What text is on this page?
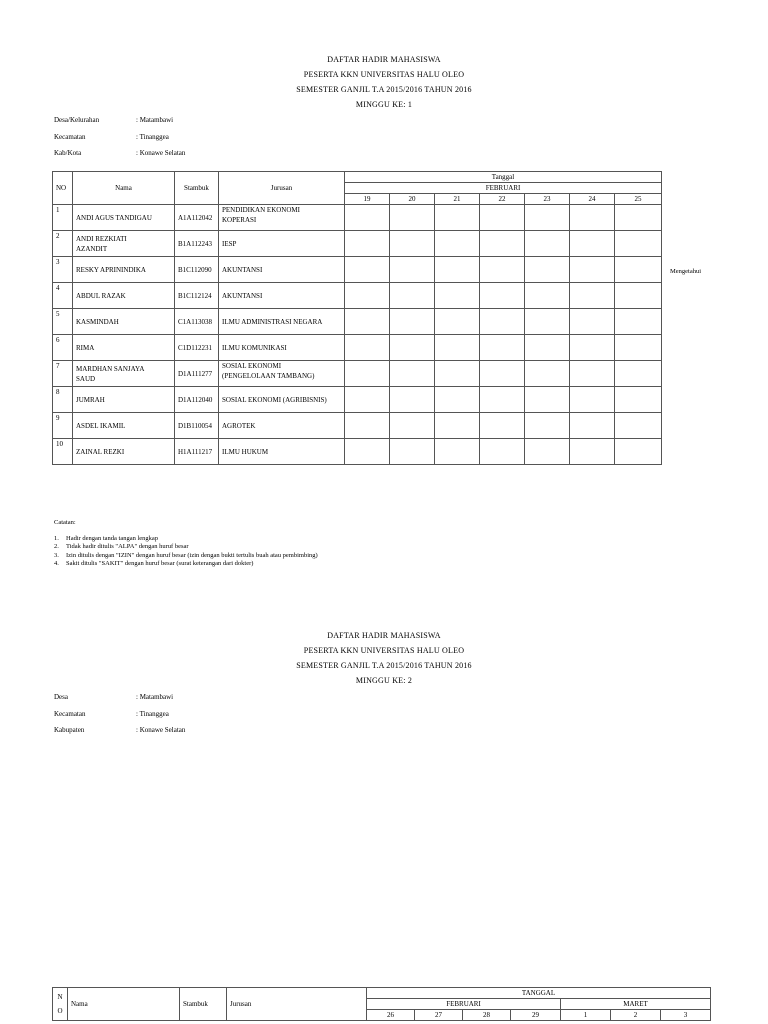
DAFTAR HADIR MAHASISWA
PESERTA KKN UNIVERSITAS HALU OLEO
SEMESTER GANJIL T.A 2015/2016 TAHUN 2016
MINGGU KE: 1
Desa/Kelurahan	: Matambawi
Kecamatan	: Tinanggea
Kab/Kota	: Konawe Selatan
NO	Nama	Stambuk	Jurusan	Tanggal						
				FEBRUARI						
				19	20	21	22	23	24	25
1	ANDI AGUS TANDIGAU	A1A112042	PENDIDIKAN EKONOMI
KOPERASI							

2	ANDI REZKIATI
AZANDIT	B1A112243	IESP							

3	RESKY APRININDIKA	B1C112090	AKUNTANSI							

4	ABDUL RAZAK	B1C112124	AKUNTANSI							

5	KASMINDAH	C1A113038	ILMU ADMINISTRASI NEGARA							

6	RIMA	C1D112231	ILMU KOMUNIKASI							

7	MARDHAN SANJAYA
SAUD	D1A111277	SOSIAL EKONOMI
(PENGELOLAAN TAMBANG)							

8	JUMRAH	D1A112040	SOSIAL EKONOMI (AGRIBISNIS)							

9	ASDEL IKAMIL	D1B110054	AGROTEK							

10	ZAINAL REZKI	H1A111217	ILMU HUKUM							

Mengetahui
Catatan:
1. Hadir dengan tanda tangan lengkap
2. Tidak hadir ditulis "ALPA" dengan huruf besar
3. Izin ditulis dengan "IZIN" dengan huruf besar (izin dengan bukti tertulis buah atau pembimbing)
4. Sakit ditulis "SAKIT" dengan huruf besar (surat keterangan dari dokter)
DAFTAR HADIR MAHASISWA
PESERTA KKN UNIVERSITAS HALU OLEO
SEMESTER GANJIL T.A 2015/2016 TAHUN 2016
MINGGU KE: 2
Desa	: Matambawi
Kecamatan	: Tinanggea
Kabupaten	: Konawe Selatan
N
O	Nama	Stambuk	Jurusan	TANGGAL						
				FEBRUARI				MARET		
				26	27	28	29	1	2	3
